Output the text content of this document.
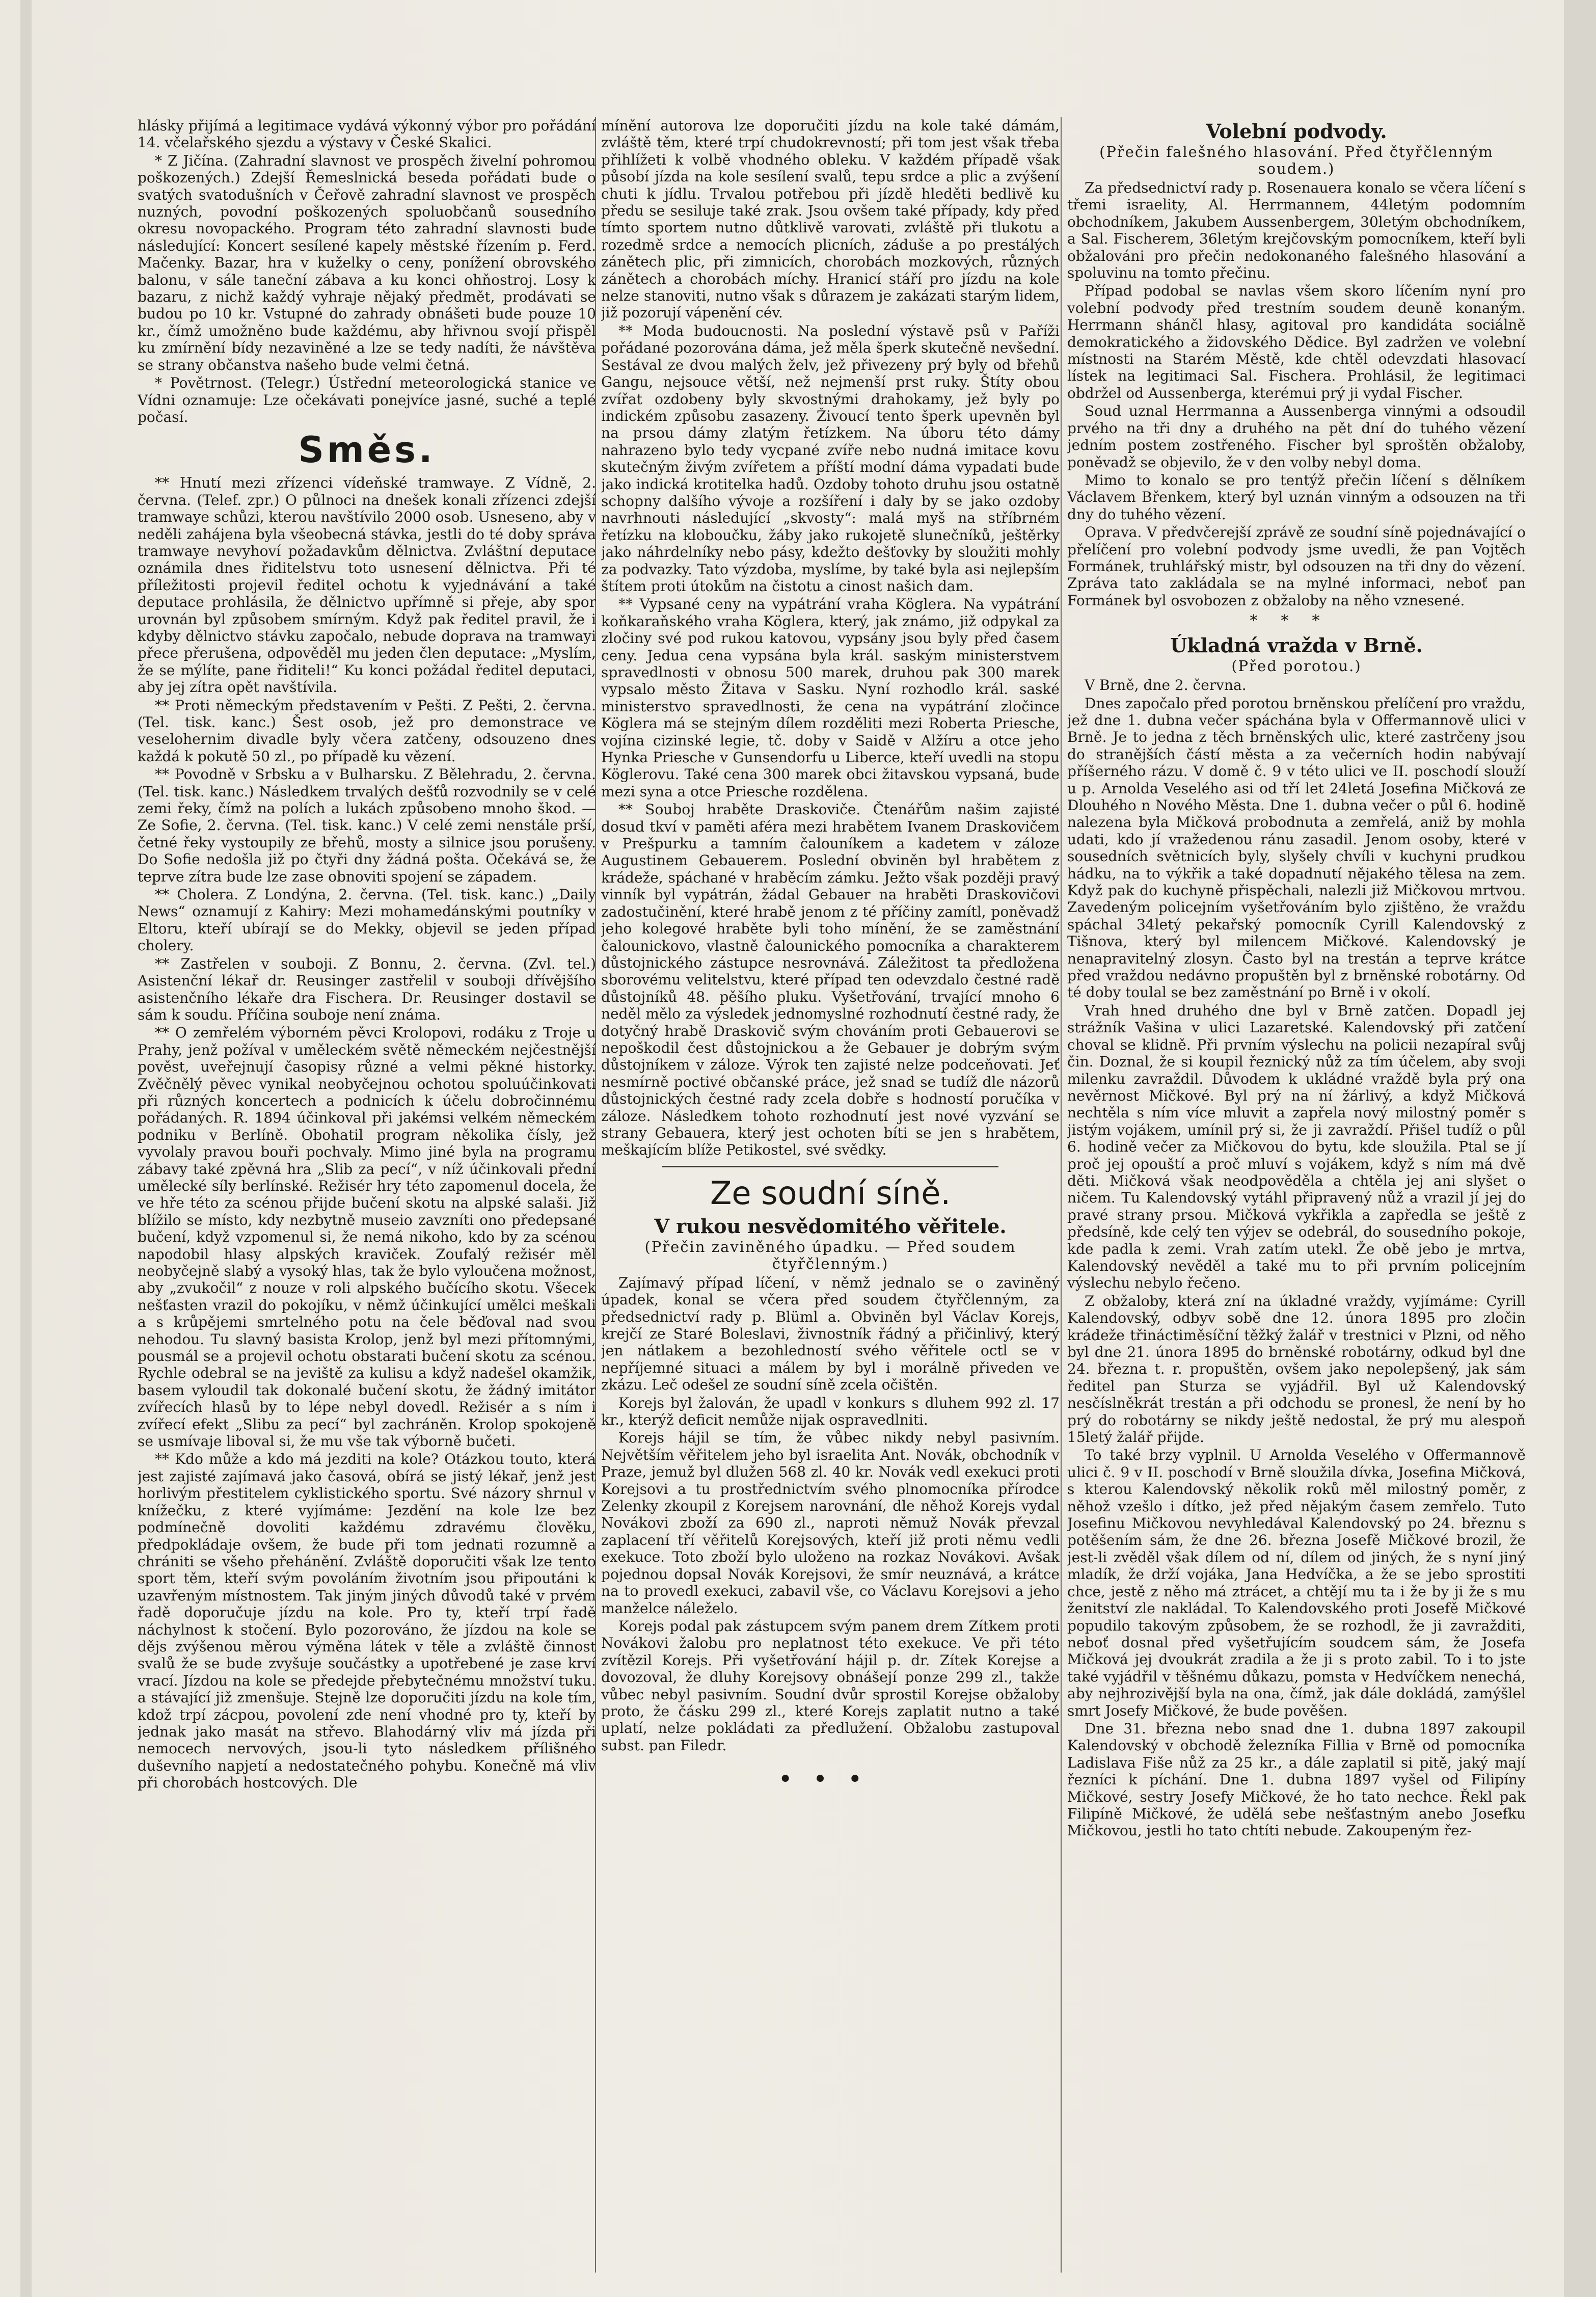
hlásky přijímá a legitimace vydává výkonný výbor pro pořádání 14. včelařského sjezdu a výstavy v České Skalici.

* Z Jičína. (Zahradní slavnost ve prospěch živelní pohromou poškozených.) Zdejší Řemeslnická beseda pořádati bude o svatých svatodušních v Čeřově zahradní slavnost ve prospěch nuzných, povodní poškozených spoluobčanů sousedního okresu novopackého. Program této zahradní slavnosti bude následující: Koncert sesílené kapely městské řízením p. Ferd. Mačenky. Bazar, hra v kuželky o ceny, ponížení obrovského balonu, v sále taneční zábava a ku konci ohňostroj. Losy k bazaru, z nichž každý vyhraje nějaký předmět, prodávati se budou po 10 kr. Vstupné do zahrady obnášeti bude pouze 10 kr., čímž umožněno bude každému, aby hřivnou svojí přispěl ku zmírnění bídy nezaviněné a lze se tedy nadíti, že návštěva se strany občanstva našeho bude velmi četná.

* Povětrnost. (Telegr.) Ústřední meteorologická stanice ve Vídni oznamuje: Lze očekávati ponejvíce jasné, suché a teplé počasí.

Směs.

** Hnutí mezi zřízenci vídeňské tramwaye. Z Vídně, 2. června. (Telef. zpr.) O půlnoci na dnešek konali zřízenci zdejší tramwaye schůzi, kterou navštívilo 2000 osob. Usneseno, aby v neděli zahájena byla všeobecná stávka, jestli do té doby správa tramwaye nevyhoví požadavkům dělnictva. Zvláštní deputace oznámila dnes řiditelstvu toto usnesení dělnictva. Při té příležitosti projevil ředitel ochotu k vyjednávání a také deputace prohlásila, že dělnictvo upřímně si přeje, aby spor urovnán byl způsobem smírným. Když pak ředitel pravil, že i kdyby dělnictvo stávku započalo, nebude doprava na tramwayi přece přerušena, odpověděl mu jeden člen deputace: „Myslím, že se mýlíte, pane řiditeli!“ Ku konci požádal ředitel deputaci, aby jej zítra opět navštívila.

** Proti německým představením v Pešti. Z Pešti, 2. června. (Tel. tisk. kanc.) Šest osob, jež pro demonstrace ve veselohernim divadle byly včera zatčeny, odsouzeno dnes každá k pokutě 50 zl., po případě ku vězení.

** Povodně v Srbsku a v Bulharsku. Z Bělehradu, 2. června. (Tel. tisk. kanc.) Následkem trvalých dešťů rozvodnily se v celé zemi řeky, čímž na polích a lukách způsobeno mnoho škod. — Ze Sofie, 2. června. (Tel. tisk. kanc.) V celé zemi nenstále prší, četné řeky vystoupily ze břehů, mosty a silnice jsou porušeny. Do Sofie nedošla již po čtyři dny žádná pošta. Očekává se, že teprve zítra bude lze zase obnoviti spojení se západem.

** Cholera. Z Londýna, 2. června. (Tel. tisk. kanc.) „Daily News“ oznamují z Kahiry: Mezi mohamedánskými poutníky v Eltoru, kteří ubírají se do Mekky, objevil se jeden případ cholery.

** Zastřelen v souboji. Z Bonnu, 2. června. (Zvl. tel.) Asistenční lékař dr. Reusinger zastřelil v souboji dřívějšího asistenčního lékaře dra Fischera. Dr. Reusinger dostavil se sám k soudu. Příčina souboje není známa.

** O zemřelém výborném pěvci Krolopovi, rodáku z Troje u Prahy, jenž požíval v uměleckém světě německém nejčestnější pověst, uveřejnují časopisy různé a velmi pěkné historky. Zvěčnělý pěvec vynikal neobyčejnou ochotou spoluúčinkovati při různých koncertech a podnicích k účelu dobročinnému pořádaných. R. 1894 účinkoval při jakémsi velkém německém podniku v Berlíně. Obohatil program několika čísly, jež vyvolaly pravou bouři pochvaly. Mimo jiné byla na programu zábavy také zpěvná hra „Slib za pecí“, v níž účinkovali přední umělecké síly berlínské. Režisér hry této zapomenul docela, že ve hře této za scénou přijde bučení skotu na alpské salaši. Již blížilo se místo, kdy nezbytně museio zavzníti ono předepsané bučení, když vzpomenul si, že nemá nikoho, kdo by za scénou napodobil hlasy alpských kraviček. Zoufalý režisér měl neobyčejně slabý a vysoký hlas, tak že bylo vyloučena možnost, aby „zvukočil“ z nouze v roli alpského bučícího skotu. Všecek nešťasten vrazil do pokojíku, v němž účinkující umělci meškali a s krůpějemi smrtelného potu na čele běďoval nad svou nehodou. Tu slavný basista Krolop, jenž byl mezi přítomnými, pousmál se a projevil ochotu obstarati bučení skotu za scénou. Rychle odebral se na jeviště za kulisu a když nadešel okamžik, basem vyloudil tak dokonalé bučení skotu, že žádný imitátor zvířecích hlasů by to lépe nebyl dovedl. Režisér a s ním i zvířecí efekt „Slibu za pecí“ byl zachráněn. Krolop spokojeně se usmívaje liboval si, že mu vše tak výborně bučeti.

** Kdo může a kdo má jezditi na kole? Otázkou touto, která jest zajisté zajímavá jako časová, obírá se jistý lékař, jenž jest horlivým přestitelem cyklistického sportu. Své názory shrnul v knížečku, z které vyjímáme: Jezdění na kole lze bez podmínečně dovoliti každému zdravému člověku, předpokládaje ovšem, že bude při tom jednati rozumně a chrániti se všeho přehánění. Zvláště doporučiti však lze tento sport těm, kteří svým povoláním životním jsou připoutáni k uzavřeným místnostem. Tak jiným jiných důvodů také v prvém řadě doporučuje jízdu na kole. Pro ty, kteří trpí řadě náchylnost k stočení. Bylo pozorováno, že jízdou na kole se dějs zvýšenou měrou výměna látek v těle a zvláště činnost svalů že se bude zvyšuje součástky a upotřebené je zase krví vrací. Jízdou na kole se předejde přebytečnému množství tuku. a stávající již zmenšuje. Stejně lze doporučiti jízdu na kole tím, kdož trpí zácpou, povolení zde není vhodné pro ty, kteří by jednak jako masát na střevo. Blahodárný vliv má jízda při nemocech nervových, jsou-li tyto následkem přílišného duševního napjetí a nedostatečného pohybu. Konečně má vliv při chorobách hostcových. Dle

mínění autorova lze doporučiti jízdu na kole také dámám, zvláště těm, které trpí chudokrevností; při tom jest však třeba přihlížeti k volbě vhodného obleku. V každém případě však působí jízda na kole sesílení svalů, tepu srdce a plic a zvýšení chuti k jídlu. Trvalou potřebou při jízdě hleděti bedlivě ku předu se sesiluje také zrak. Jsou ovšem také případy, kdy před tímto sportem nutno důtklivě varovati, zvláště při tlukotu a rozedmě srdce a nemocích plicních, záduše a po prestálých zánětech plic, při zimnicích, chorobách mozkových, různých zánětech a chorobách míchy. Hranicí stáří pro jízdu na kole nelze stanoviti, nutno však s důrazem je zakázati starým lidem, již pozorují vápenění cév.

** Moda budoucnosti. Na poslední výstavě psů v Paříži pořádané pozorována dáma, jež měla šperk skutečně nevšední. Sestával ze dvou malých želv, jež přivezeny prý byly od břehů Gangu, nejsouce větší, než nejmenší prst ruky. Štíty obou zvířat ozdobeny byly skvostnými drahokamy, jež byly po indickém způsobu zasazeny. Živoucí tento šperk upevněn byl na prsou dámy zlatým řetízkem. Na úboru této dámy nahrazeno bylo tedy vycpané zvíře nebo nudná imitace kovu skutečným živým zvířetem a příští modní dáma vypadati bude jako indická krotitelka hadů. Ozdoby tohoto druhu jsou ostatně schopny dalšího vývoje a rozšíření i daly by se jako ozdoby navrhnouti následující „skvosty“: malá myš na stříbrném řetízku na kloboučku, žáby jako rukojetě slunečníků, ještěrky jako náhrdelníky nebo pásy, kdežto dešťovky by sloužiti mohly za podvazky. Tato výzdoba, myslíme, by také byla asi nejlepším štítem proti útokům na čistotu a cinost našich dam.

** Vypsané ceny na vypátrání vraha Köglera. Na vypátrání koňkaraňského vraha Köglera, který, jak známo, již odpykal za zločiny své pod rukou katovou, vypsány jsou byly před časem ceny. Jedua cena vypsána byla král. saským ministerstvem spravedlnosti v obnosu 500 marek, druhou pak 300 marek vypsalo město Žitava v Sasku. Nyní rozhodlo král. saské ministerstvo spravedlnosti, že cena na vypátrání zločince Köglera má se stejným dílem rozděliti mezi Roberta Priesche, vojína cizinské legie, tč. doby v Saidě v Alžíru a otce jeho Hynka Priesche v Gunsendorfu u Liberce, kteří uvedli na stopu Köglerovu. Také cena 300 marek obci žitavskou vypsaná, bude mezi syna a otce Priesche rozdělena.

** Souboj hraběte Draskoviče. Čtenářům našim zajisté dosud tkví v paměti aféra mezi hrabětem Ivanem Draskovičem v Prešpurku a tamním čalouníkem a kadetem v záloze Augustinem Gebauerem. Poslední obviněn byl hrabětem z krádeže, spáchané v hraběcím zámku. Ježto však později pravý vinník byl vypátrán, žádal Gebauer na hraběti Draskovičovi zadostučinění, které hrabě jenom z té příčiny zamítl, poněvadž jeho kolegové hraběte byli toho mínění, že se zaměstnání čalounickovo, vlastně čalounického pomocníka a charakterem důstojnického zástupce nesrovnává. Záležitost ta předložena sborovému velitelstvu, které případ ten odevzdalo čestné radě důstojníků 48. pěšího pluku. Vyšetřování, trvající mnoho 6 neděl mělo za výsledek jednomyslné rozhodnutí čestné rady, že dotyčný hrabě Draskovič svým chováním proti Gebauerovi se nepoškodil čest důstojnickou a že Gebauer je dobrým svým důstojníkem v záloze. Výrok ten zajisté nelze podceňovati. Jeť nesmírně poctivé občanské práce, jež snad se tudíž dle názorů důstojnických čestné rady zcela dobře s hodností poručíka v záloze. Následkem tohoto rozhodnutí jest nové vyzvání se strany Gebauera, který jest ochoten bíti se jen s hrabětem, meškajícím blíže Petikostel, své svědky.

Ze soudní síně.
V rukou nesvědomitého věřitele.
(Přečin zaviněného úpadku. — Před soudem čtyřčlenným.)

Zajímavý případ líčení, v němž jednalo se o zaviněný úpadek, konal se včera před soudem čtyřčlenným, za předsednictví rady p. Blüml a. Obviněn byl Václav Korejs, krejčí ze Staré Boleslavi, živnostník řádný a přičinlivý, který jen nátlakem a bezohledností svého věřitele octl se v nepříjemné situaci a málem by byl i morálně přiveden ve zkázu. Leč odešel ze soudní síně zcela očištěn.

Korejs byl žalován, že upadl v konkurs s dluhem 992 zl. 17 kr., kterýž deficit nemůže nijak ospravedlniti.

Korejs hájil se tím, že vůbec nikdy nebyl pasivním. Největším věřitelem jeho byl israelita Ant. Novák, obchodník v Praze, jemuž byl dlužen 568 zl. 40 kr. Novák vedl exekuci proti Korejsovi a tu prostřednictvím svého plnomocníka přírodce Zelenky zkoupil z Korejsem narovnání, dle něhož Korejs vydal Novákovi zboží za 690 zl., naproti němuž Novák převzal zaplacení tří věřitelů Korejsových, kteří již proti němu vedli exekuce. Toto zboží bylo uloženo na rozkaz Novákovi. Avšak pojednou dopsal Novák Korejsovi, že smír neuznává, a krátce na to provedl exekuci, zabavil vše, co Václavu Korejsovi a jeho manželce náleželo.

Korejs podal pak zástupcem svým panem drem Zítkem proti Novákovi žalobu pro neplatnost této exekuce. Ve při této zvítězil Korejs. Při vyšetřování hájil p. dr. Zítek Korejse a dovozoval, že dluhy Korejsovy obnášejí ponze 299 zl., takže vůbec nebyl pasivním. Soudní dvůr sprostil Korejse obžaloby proto, že čásku 299 zl., které Korejs zaplatit nutno a také uplatí, nelze pokládati za předlužení. Obžalobu zastupoval subst. pan Filedr.

•••
Volební podvody.
(Přečin falešného hlasování. Před čtyřčlenným soudem.)

Za předsednictví rady p. Rosenauera konalo se včera líčení s třemi israelity, Al. Herrmannem, 44letým podomním obchodníkem, Jakubem Aussenbergem, 30letým obchodníkem, a Sal. Fischerem, 36letým krejčovským pomocníkem, kteří byli obžalováni pro přečin nedokonaného falešného hlasování a spoluvinu na tomto přečinu.

Případ podobal se navlas všem skoro líčením nyní pro volební podvody před trestním soudem deuně konaným. Herrmann shánčl hlasy, agitoval pro kandidáta sociálně demokratického a židovského Dědice. Byl zadržen ve volební místnosti na Starém Městě, kde chtěl odevzdati hlasovací lístek na legitimaci Sal. Fischera. Prohlásil, že legitimaci obdržel od Aussenberga, kterémui prý ji vydal Fischer.

Soud uznal Herrmanna a Aussenberga vinnými a odsoudil prvého na tři dny a druhého na pět dní do tuhého vězení jedním postem zostřeného. Fischer byl sproštěn obžaloby, poněvadž se objevilo, že v den volby nebyl doma.

Mimo to konalo se pro tentýž přečin líčení s dělníkem Václavem Břenkem, který byl uznán vinným a odsouzen na tři dny do tuhého vězení.

Oprava. V předvčerejší zprávě ze soudní síně pojednávající o přelíčení pro volební podvody jsme uvedli, že pan Vojtěch Formánek, truhlářský mistr, byl odsouzen na tři dny do vězení. Zpráva tato zakládala se na mylné informaci, neboť pan Formánek byl osvobozen z obžaloby na něho vznesené.

***
Úkladná vražda v Brně.
(Před porotou.)

V Brně, dne 2. června.

Dnes započalo před porotou brněnskou přelíčení pro vraždu, jež dne 1. dubna večer spáchána byla v Offermannově ulici v Brně. Je to jedna z těch brněnských ulic, které zastrčeny jsou do stranějších částí města a za večerních hodin nabývají příšerného rázu. V domě č. 9 v této ulici ve II. poschodí slouží u p. Arnolda Veselého asi od tří let 24letá Josefina Mičková ze Dlouhého n Nového Města. Dne 1. dubna večer o půl 6. hodině nalezena byla Mičková probodnuta a zemřelá, aniž by mohla udati, kdo jí vražedenou ránu zasadil. Jenom osoby, které v sousedních světnicích byly, slyšely chvíli v kuchyni prudkou hádku, na to výkřik a také dopadnutí nějakého tělesa na zem. Když pak do kuchyně přispěchali, nalezli již Mičkovou mrtvou. Zavedeným policejním vyšetřováním bylo zjištěno, že vraždu spáchal 34letý pekařský pomocník Cyrill Kalendovský z Tišnova, který byl milencem Mičkové. Kalendovský je nenapravitelný zlosyn. Často byl na trestán a teprve krátce před vraždou nedávno propuštěn byl z brněnské robotárny. Od té doby toulal se bez zaměstnání po Brně i v okolí.

Vrah hned druhého dne byl v Brně zatčen. Dopadl jej strážník Vašina v ulici Lazaretské. Kalendovský při zatčení choval se klidně. Při prvním výslechu na policii nezapíral svůj čin. Doznal, že si koupil řeznický nůž za tím účelem, aby svoji milenku zavraždil. Důvodem k ukládné vraždě byla prý ona nevěrnost Mičkové. Byl prý na ní žárlivý, a když Mičková nechtěla s ním více mluvit a zapřela nový milostný poměr s jistým vojákem, umínil prý si, že ji zavraždí. Přišel tudíž o půl 6. hodině večer za Mičkovou do bytu, kde sloužila. Ptal se jí proč jej opouští a proč mluví s vojákem, když s ním má dvě děti. Mičková však neodpověděla a chtěla jej ani slyšet o ničem. Tu Kalendovský vytáhl připravený nůž a vrazil jí jej do pravé strany prsou. Mičková vykřikla a zapředla se ještě z předsíně, kde celý ten výjev se odebrál, do sousedního pokoje, kde padla k zemi. Vrah zatím utekl. Že obě jebo je mrtva, Kalendovský nevěděl a také mu to při prvním policejním výslechu nebylo řečeno.

Z obžaloby, která zní na úkladné vraždy, vyjímáme: Cyrill Kalendovský, odbyv sobě dne 12. února 1895 pro zločin krádeže třináctiměsíční těžký žalář v trestnici v Plzni, od něho byl dne 21. února 1895 do brněnské robotárny, odkud byl dne 24. března t. r. propuštěn, ovšem jako nepolepšený, jak sám ředitel pan Sturza se vyjádřil. Byl už Kalendovský nesčíslněkrát trestán a při odchodu se pronesl, že není by ho prý do robotárny se nikdy ještě nedostal, že prý mu alespoň 15letý žalář přijde.

To také brzy vyplnil. U Arnolda Veselého v Offermannově ulici č. 9 v II. poschodí v Brně sloužila dívka, Josefina Mičková, s kterou Kalendovský několik roků měl milostný poměr, z něhož vzešlo i dítko, jež před nějakým časem zemřelo. Tuto Josefinu Mičkovou nevyhledával Kalendovský po 24. březnu s potěšením sám, že dne 26. března Josefě Mičkové brozil, že jest-li zvěděl však dílem od ní, dílem od jiných, že s nyní jiný mladík, že drží vojáka, Jana Hedvíčka, a že se jebo sprostiti chce, jestě z něho má ztrácet, a chtějí mu ta i že by ji že s mu ženitství zle nakládal. To Kalendovského proti Josefě Mičkové popudilo takovým způsobem, že se rozhodl, že ji zavražditi, neboť dosnal před vyšetřujícím soudcem sám, že Josefa Mičková jej dvoukrát zradila a že ji s proto zabil. To i to jste také vyjádřil v těšnému důkazu, pomsta v Hedvíčkem nenechá, aby nejhrozivější byla na ona, čímž, jak dále dokládá, zamýšlel smrt Josefy Mičkové, že bude pověšen.

Dne 31. března nebo snad dne 1. dubna 1897 zakoupil Kalendovský v obchodě železníka Fillia v Brně od pomocníka Ladislava Fiše nůž za 25 kr., a dále zaplatil si pitě, jaký mají řezníci k píchání. Dne 1. dubna 1897 vyšel od Filipíny Mičkové, sestry Josefy Mičkové, že ho tato nechce. Řekl pak Filipíně Mičkové, že udělá sebe nešťastným anebo Josefku Mičkovou, jestli ho tato chtíti nebude. Zakoupeným řez-
